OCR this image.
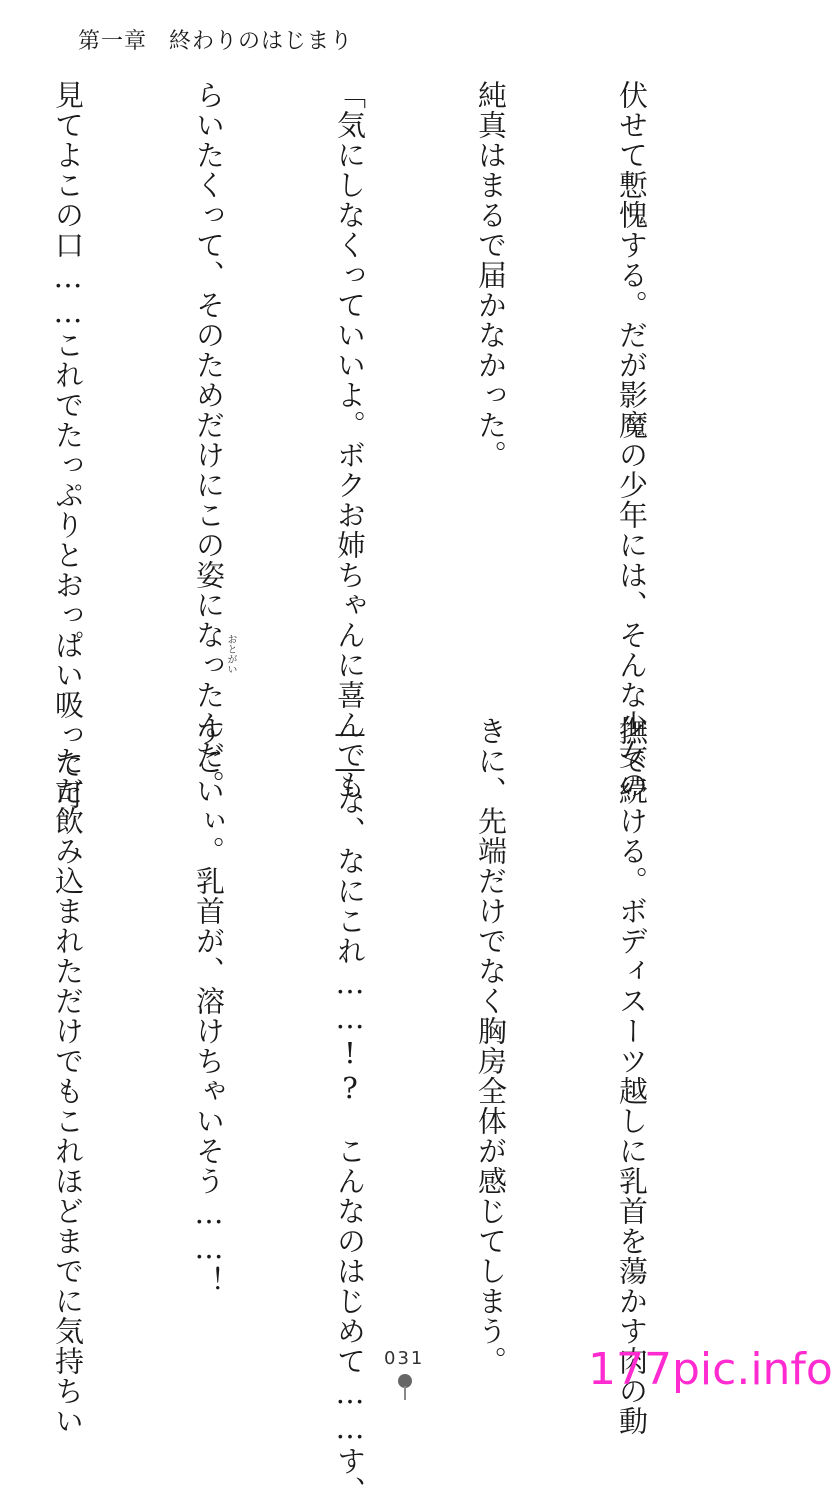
第一章 終わりのはじまり

伏せて慙愧する。だが影魔の少年には、そんな少女の

純真はまるで届かなかった。

「気にしなくっていいよ。ボクお姉ちゃんに喜んでも

らいたくって、そのためだけにこの姿になったんだ。

見てよこの口……これでたっぷりとおっぱい吸って可

	おとがい

撫で続ける。ボディスーツ越しに乳首を蕩かす肉の動

きに、先端だけでなく胸房全体が感じてしまう。

――な、なにこれ……!?　こんなのはじめて……す、

すごいぃ。乳首が、溶けちゃいそう……！

　ただ飲み込まれただけでもこれほどまでに気持ちい

	031	177pic.info
